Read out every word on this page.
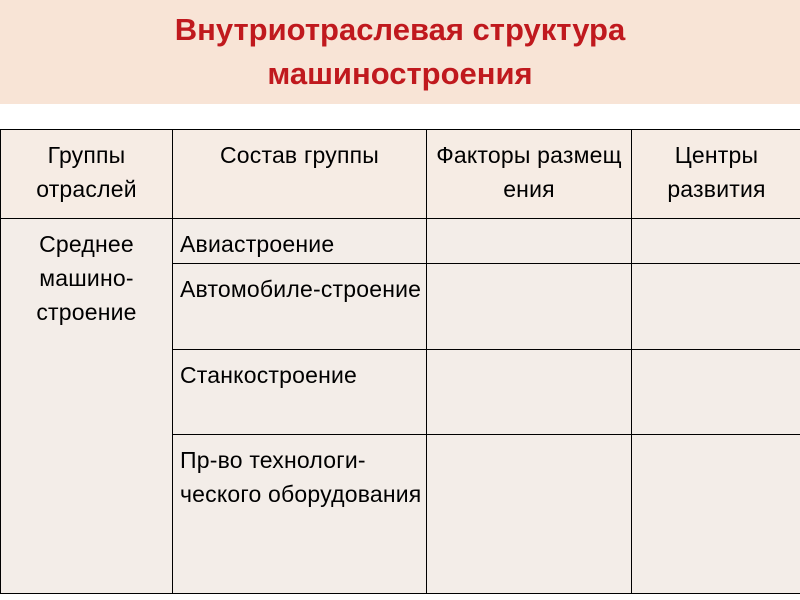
Внутриотраслевая структура
машиностроения
Группы отраслей	Состав группы	Факторы размещения	Центры развития
Среднее машино-строение	Авиастроение		
	Автомобиле-строение		
	Станкостроение		
	Пр-во технологи-ческого оборудования		
